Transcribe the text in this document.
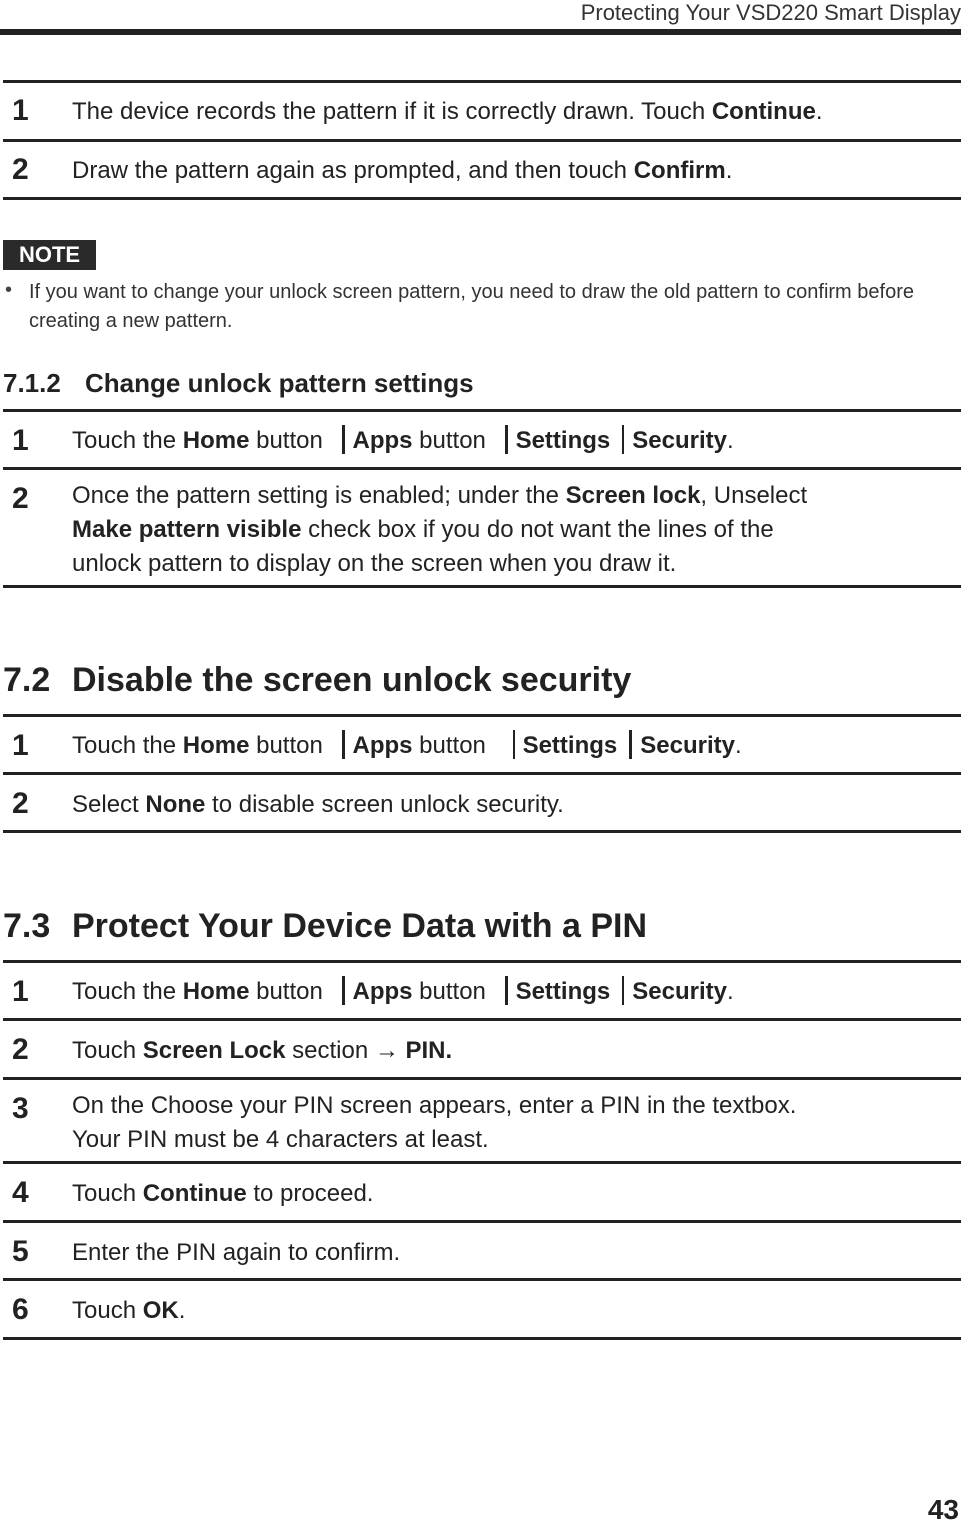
Protecting Your VSD220 Smart Display
1 The device records the pattern if it is correctly drawn. Touch Continue.
2 Draw the pattern again as prompted, and then touch Confirm.
NOTE
• If you want to change your unlock screen pattern, you need to draw the old pattern to confirm before creating a new pattern.
7.1.2 Change unlock pattern settings
1 Touch the Home button Apps button Settings Security.
2 Once the pattern setting is enabled; under the Screen lock, Unselect
Make pattern visible check box if you do not want the lines of the
unlock pattern to display on the screen when you draw it.
7.2 Disable the screen unlock security
1 Touch the Home button Apps button Settings Security.
2 Select None to disable screen unlock security.
7.3 Protect Your Device Data with a PIN
1 Touch the Home button Apps button Settings Security.
2 Touch Screen Lock section → PIN.
3 On the Choose your PIN screen appears, enter a PIN in the textbox.
Your PIN must be 4 characters at least.
4 Touch Continue to proceed.
5 Enter the PIN again to confirm.
6 Touch OK.
43
